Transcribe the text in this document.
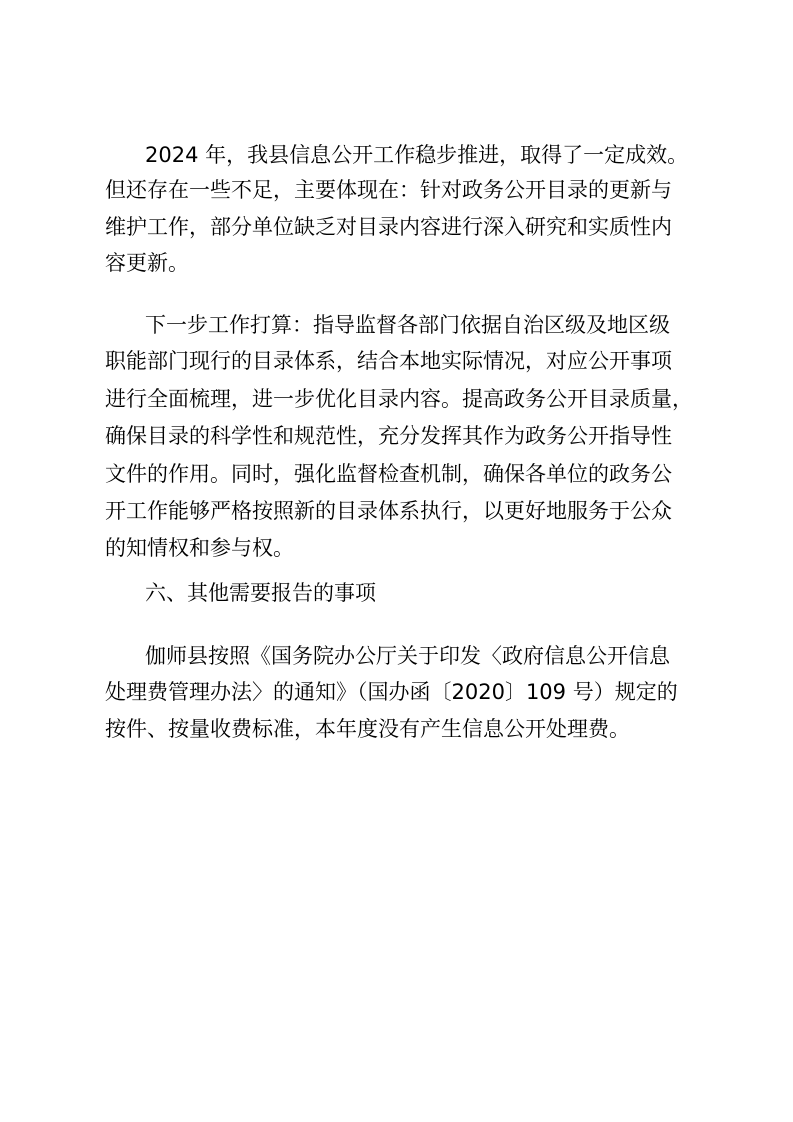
2024 年，我县信息公开工作稳步推进，取得了一定成效。
但还存在一些不足，主要体现在：针对政务公开目录的更新与
维护工作，部分单位缺乏对目录内容进行深入研究和实质性内
容更新。
下一步工作打算：指导监督各部门依据自治区级及地区级
职能部门现行的目录体系，结合本地实际情况，对应公开事项
进行全面梳理，进一步优化目录内容。提高政务公开目录质量，
确保目录的科学性和规范性，充分发挥其作为政务公开指导性
文件的作用。同时，强化监督检查机制，确保各单位的政务公
开工作能够严格按照新的目录体系执行，以更好地服务于公众
的知情权和参与权。
六、其他需要报告的事项
伽师县按照《国务院办公厅关于印发〈政府信息公开信息
处理费管理办法〉的通知》（国办函〔2020〕109 号）规定的
按件、按量收费标准，本年度没有产生信息公开处理费。
